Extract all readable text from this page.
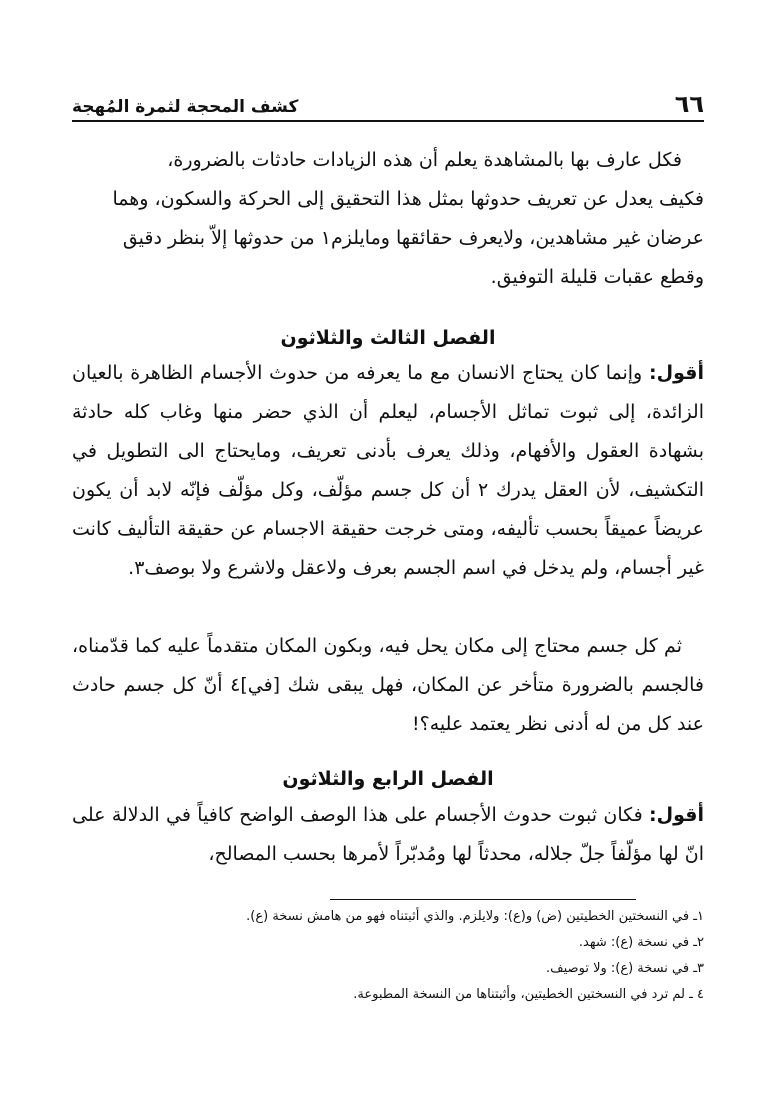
٦٦
كشف المحجة لثمرة المُهجة

فكل عارف بها بالمشاهدة يعلم أن هذه الزيادات حادثات بالضرورة،

فكيف يعدل عن تعريف حدوثها بمثل هذا التحقيق إلى الحركة والسكون، وهما

عرضان غير مشاهدين، ولايعرف حقائقها ومايلزم١ من حدوثها إلاّ بنظر دقيق

وقطع عقبات قليلة التوفيق.

الفصل الثالث والثلاثون

أقول: وإنما كان يحتاج الانسان مع ما يعرفه من حدوث الأجسام الظاهرة بالعيان الزائدة، إلى ثبوت تماثل الأجسام، ليعلم أن الذي حضر منها وغاب كله حادثة بشهادة العقول والأفهام، وذلك يعرف بأدنى تعريف، ومايحتاج الى التطويل في التكشيف، لأن العقل يدرك ٢ أن كل جسم مؤلّف، وكل مؤلّف فإنّه لابد أن يكون عريضاً عميقاً بحسب تأليفه، ومتى خرجت حقيقة الاجسام عن حقيقة التأليف كانت غير أجسام، ولم يدخل في اسم الجسم بعرف ولاعقل ولاشرع ولا بوصف٣.

ثم كل جسم محتاج إلى مكان يحل فيه، وبكون المكان متقدماً عليه كما قدّمناه، فالجسم بالضرورة متأخر عن المكان، فهل يبقى شك [في]٤ أنّ كل جسم حادث عند كل من له أدنى نظر يعتمد عليه؟!

الفصل الرابع والثلاثون

أقول: فكان ثبوت حدوث الأجسام على هذا الوصف الواضح كافياً في الدلالة على انّ لها مؤلّفاً جلّ جلاله، محدثاً لها ومُدبّراً لأمرها بحسب المصالح،

١ـ في النسختين الخطيتين (ض) و(ع): ولايلزم. والذي أثبتناه فهو من هامش نسخة (ع).

٢ـ في نسخة (ع): شهد.

٣ـ في نسخة (ع): ولا توصيف.

٤ ـ لم ترد في النسختين الخطيتين، وأثبتناها من النسخة المطبوعة.
